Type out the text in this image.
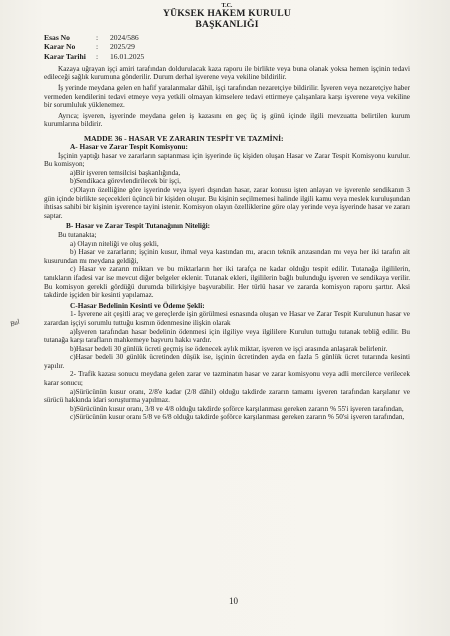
T.C.

YÜKSEK HAKEM KURULU

BAŞKANLIĞI

Esas No	:	2024/586
Karar No	:	2025/29
Karar Tarihi	:	16.01.2025

Kazaya uğrayan işçi amiri tarafından doldurulacak kaza raporu ile birlikte veya buna olanak yoksa hemen işçinin tedavi edileceği sağlık kurumuna gönderilir. Durum derhal işverene veya vekiline bildirilir.

İş yerinde meydana gelen en hafif yaralanmalar dâhil, işçi tarafından nezaretçiye bildirilir. İşveren veya nezaretçiye haber vermeden kendilerini tedavi etmeye veya yetkili olmayan kimselere tedavi ettirmeye çalışanlara karşı işverene veya vekiline bir sorumluluk yüklenemez.

Ayrıca; işveren, işyerinde meydana gelen iş kazasını en geç üç iş günü içinde ilgili mevzuatta belirtilen kurum kurumlarına bildirir.

MADDE 36 - HASAR VE ZARARIN TESPİT VE TAZMİNİ:

A- Hasar ve Zarar Tespit Komisyonu:

İşçinin yaptığı hasar ve zararların saptanması için işyerinde üç kişiden oluşan Hasar ve Zarar Tespit Komisyonu kurulur. Bu komisyon;

a)Bir işveren temsilcisi başkanlığında,

b)Sendikaca görevlendirilecek bir işçi,

c)Olayın özelliğine göre işyerinde veya işyeri dışından hasar, zarar konusu işten anlayan ve işverenle sendikanın 3 gün içinde birlikte seçecekleri üçüncü bir kişiden oluşur. Bu kişinin seçilmemesi halinde ilgili kamu veya meslek kuruluşundan ihtisas sahibi bir kişinin işverence tayini istenir. Komisyon olayın özelliklerine göre olay yerinde veya işyerinde hasar ve zararı saptar.

B- Hasar ve Zarar Tespit Tutanağının Niteliği:

Bu tutanakta;

a) Olayın niteliği ve oluş şekli,

b) Hasar ve zararların; işçinin kusur, ihmal veya kastından mı, aracın teknik arızasından mı veya her iki tarafın ait kusurundan mı meydana geldiği,

c) Hasar ve zararın miktarı ve bu miktarların her iki tarafça ne kadar olduğu tespit edilir. Tutanağa ilgililerin, tanıkların ifadesi var ise mevcut diğer belgeler eklenir. Tutanak ekleri, ilgililerin bağlı bulunduğu işveren ve sendikaya verilir. Bu komisyon gerekli gördüğü durumda bilirkişiye başvurabilir. Her türlü hasar ve zararda komisyon raporu şarttır. Aksi takdirde işçiden bir kesinti yapılamaz.

C-Hasar Bedelinin Kesinti ve Ödeme Şekli:

1- İşverene ait çeşitli araç ve gereçlerde işin görülmesi esnasında oluşan ve Hasar ve Zarar Tespit Kurulunun hasar ve zarardan işçiyi sorumlu tuttuğu kısmın ödenmesine ilişkin olarak

a)İşveren tarafından hasar bedelinin ödenmesi için ilgiliye veya ilgililere Kurulun tuttuğu tutanak tebliğ edilir. Bu tutanağa karşı tarafların mahkemeye başvuru hakkı vardır.

b)Hasar bedeli 30 günlük ücreti geçmiş ise ödenecek aylık miktar, işveren ve işçi arasında anlaşarak belirlenir.

c)Hasar bedeli 30 günlük ücretinden düşük ise, işçinin ücretinden ayda en fazla 5 günlük ücret tutarında kesinti yapılır.

2- Trafik kazası sonucu meydana gelen zarar ve tazminatın hasar ve zarar komisyonu veya adli mercilerce verilecek karar sonucu;

a)Sürücünün kusur oranı, 2/8'e kadar (2/8 dâhil) olduğu takdirde zararın tamamı işveren tarafından karşılanır ve sürücü hakkında idari soruşturma yapılmaz.

b)Sürücünün kusur oranı, 3/8 ve 4/8 olduğu takdirde şoförce karşılanması gereken zararın % 55'i işveren tarafından,

c)Sürücünün kusur oranı 5/8 ve 6/8 olduğu takdirde şoförce karşılanması gereken zararın % 50'si işveren tarafından,

10
Bul
